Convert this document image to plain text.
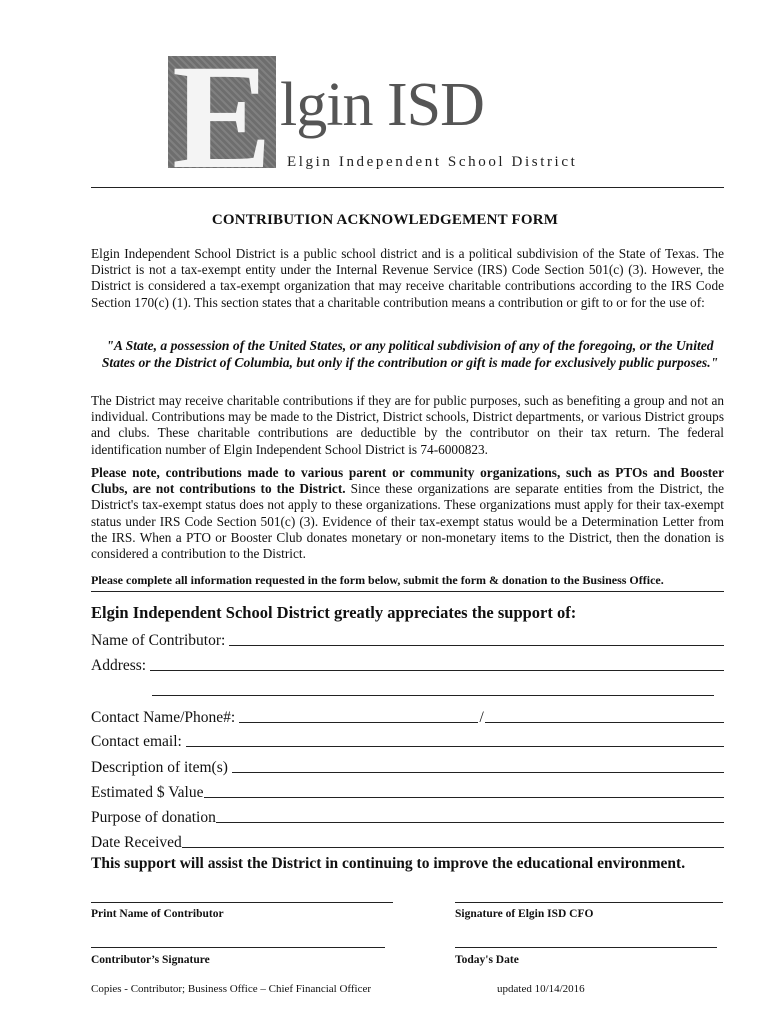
E lgin ISD
Elgin Independent School District
CONTRIBUTION ACKNOWLEDGEMENT FORM
Elgin Independent School District is a public school district and is a political subdivision of the State of Texas. The District is not a tax-exempt entity under the Internal Revenue Service (IRS) Code Section 501(c) (3). However, the District is considered a tax-exempt organization that may receive charitable contributions according to the IRS Code Section 170(c) (1). This section states that a charitable contribution means a contribution or gift to or for the use of:
"A State, a possession of the United States, or any political subdivision of any of the foregoing, or the United States or the District of Columbia, but only if the contribution or gift is made for exclusively public purposes."
The District may receive charitable contributions if they are for public purposes, such as benefiting a group and not an individual. Contributions may be made to the District, District schools, District departments, or various District groups and clubs. These charitable contributions are deductible by the contributor on their tax return. The federal identification number of Elgin Independent School District is 74-6000823.
Please note, contributions made to various parent or community organizations, such as PTOs and Booster Clubs, are not contributions to the District. Since these organizations are separate entities from the District, the District's tax-exempt status does not apply to these organizations. These organizations must apply for their tax-exempt status under IRS Code Section 501(c) (3). Evidence of their tax-exempt status would be a Determination Letter from the IRS. When a PTO or Booster Club donates monetary or non-monetary items to the District, then the donation is considered a contribution to the District.
Please complete all information requested in the form below, submit the form & donation to the Business Office.
Elgin Independent School District greatly appreciates the support of:
Name of Contributor:
Address:
Contact Name/Phone#:	/
Contact email:
Description of item(s)
Estimated $ Value
Purpose of donation
Date Received
This support will assist the District in continuing to improve the educational environment.
Print Name of Contributor	Signature of Elgin ISD CFO
Contributor’s Signature	Today's Date
Copies - Contributor; Business Office – Chief Financial Officer	updated 10/14/2016
